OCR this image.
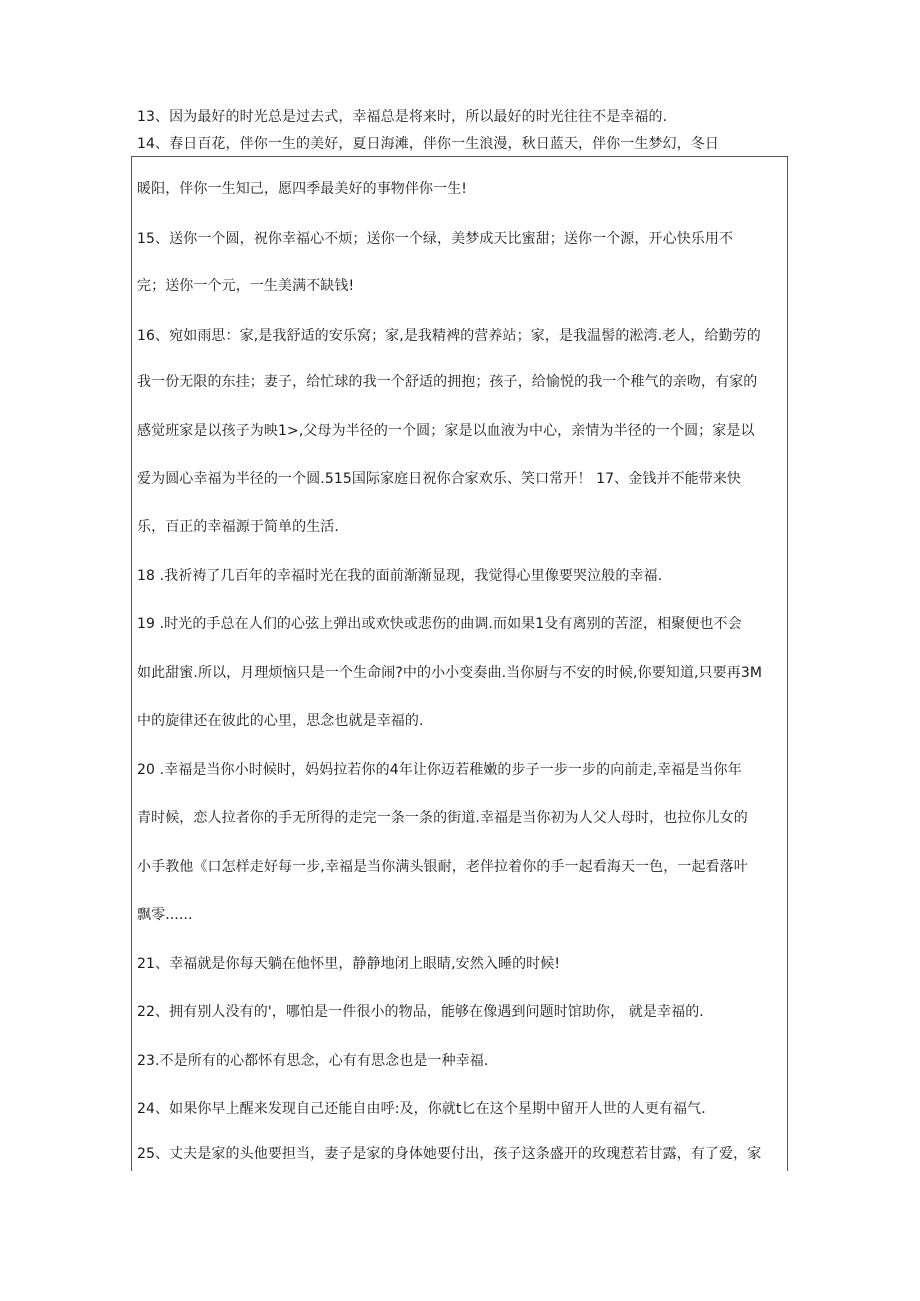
13、因为最好的时光总是过去式，幸福总是将来时，所以最好的时光往往不是幸福的.
14、春日百花，伴你一生的美好，夏日海滩，伴你一生浪漫，秋日蓝天，伴你一生梦幻，冬日
暖阳，伴你一生知己，愿四季最美好的事物伴你一生!
15、送你一个圆，祝你幸福心不烦；送你一个绿，美梦成天比蜜甜；送你一个源，开心快乐用不
完；送你一个元，一生美满不缺钱!
16、宛如雨思：家,是我舒适的安乐窝；家,是我精裨的营养站；家，是我温髻的淞湾.老人，给勤劳的
我一份无限的东挂；妻子，给忙球的我一个舒适的拥抱；孩子，给愉悦的我一个稚气的亲吻，有家的
感觉班家是以孩子为映1>,父母为半径的一个圆；家是以血液为中心，亲情为半径的一个圆；家是以
爱为圆心幸福为半径的一个圆.515国际家庭日祝你合家欢乐、笑口常开！ 17、金钱并不能带来快
乐，百正的幸福源于简单的生活.
18 .我祈祷了几百年的幸福时光在我的面前渐渐显现，我觉得心里像要哭泣般的幸福.
19 .时光的手总在人们的心弦上弹出或欢快或悲伤的曲调.而如果1殳有离别的苦涩，相聚便也不会
如此甜蜜.所以，月理烦恼只是一个生命闹?中的小小变奏曲.当你厨与不安的时候,你要知道,只要再3M
中的旋律还在彼此的心里，思念也就是幸福的.
20 .幸福是当你小时候时，妈妈拉若你的4年让你迈若稚嫩的步子一步一步的向前走,幸福是当你年
青时候，恋人拉者你的手无所得的走完一条一条的街道.幸福是当你初为人父人母时，也拉你儿女的
小手教他《口怎样走好每一步,幸福是当你满头银耐，老伴拉着你的手一起看海天一色，一起看落叶
飘零......
21、幸福就是你每天躺在他怀里，静静地闭上眼睛,安然入睡的时候!
22、拥有别人没有的'，哪怕是一件很小的物品，能够在像遇到问题时馆助你， 就是幸福的.
23.不是所有的心都怀有思念，心有有思念也是一种幸福.
24、如果你早上醒来发现自己还能自由呼:及，你就t匕在这个星期中留开人世的人更有福气.
25、丈夫是家的头他要担当，妻子是家的身体她要付出，孩子这条盛开的玫瑰惹若甘露，有了爱，家
